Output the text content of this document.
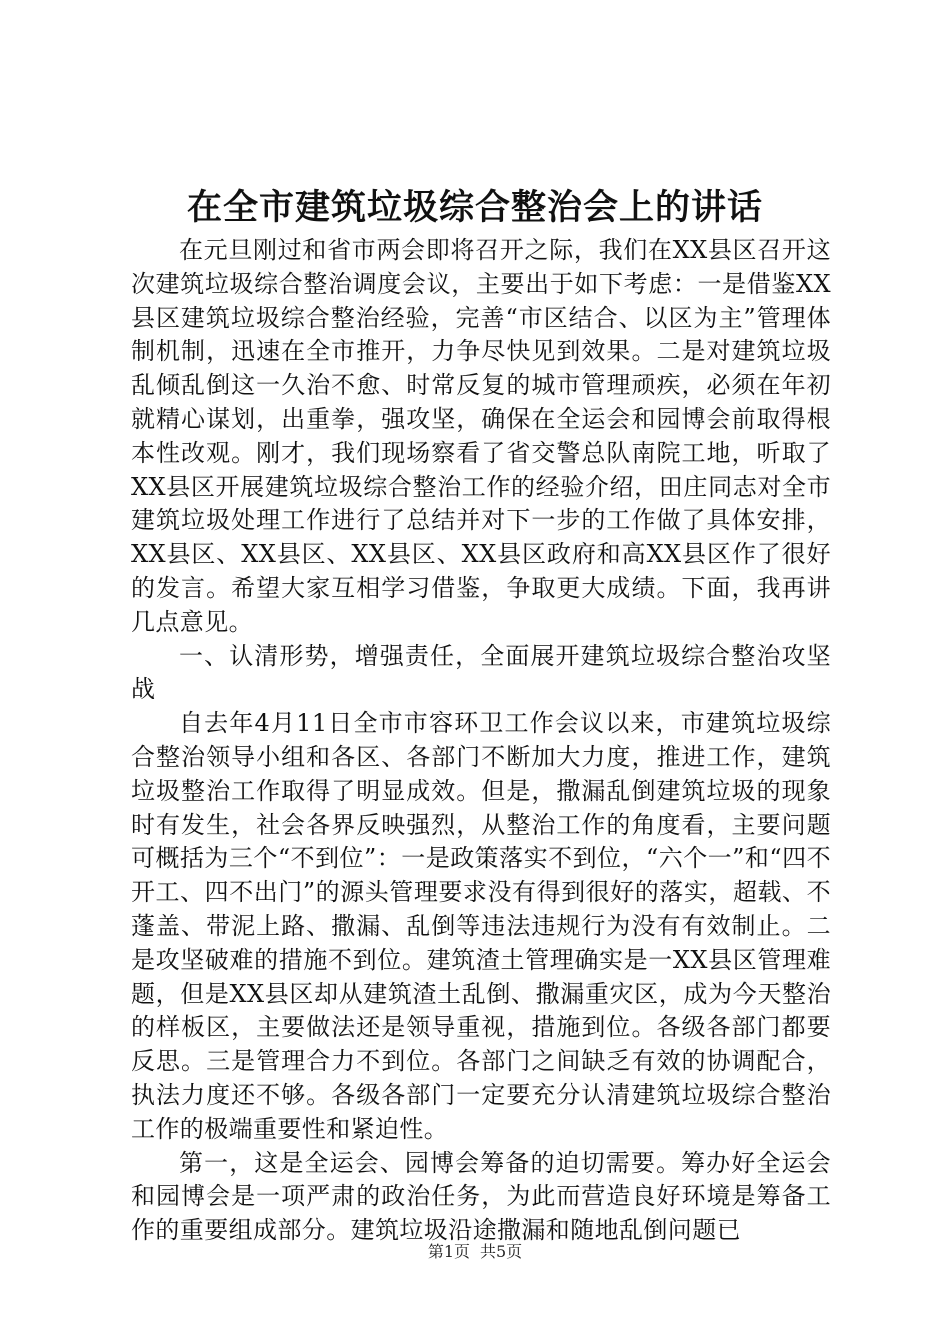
在全市建筑垃圾综合整治会上的讲话

在元旦刚过和省市两会即将召开之际，我们在XX县区召开这次建筑垃圾综合整治调度会议，主要出于如下考虑：一是借鉴XX县区建筑垃圾综合整治经验，完善“市区结合、以区为主”管理体制机制，迅速在全市推开，力争尽快见到效果。二是对建筑垃圾乱倾乱倒这一久治不愈、时常反复的城市管理顽疾，必须在年初就精心谋划，出重拳，强攻坚，确保在全运会和园博会前取得根本性改观。刚才，我们现场察看了省交警总队南院工地，听取了XX县区开展建筑垃圾综合整治工作的经验介绍，田庄同志对全市建筑垃圾处理工作进行了总结并对下一步的工作做了具体安排，XX县区、XX县区、XX县区、XX县区政府和高XX县区作了很好的发言。希望大家互相学习借鉴，争取更大成绩。下面，我再讲几点意见。

一、认清形势，增强责任，全面展开建筑垃圾综合整治攻坚战

自去年4月11日全市市容环卫工作会议以来，市建筑垃圾综合整治领导小组和各区、各部门不断加大力度，推进工作，建筑垃圾整治工作取得了明显成效。但是，撒漏乱倒建筑垃圾的现象时有发生，社会各界反映强烈，从整治工作的角度看，主要问题可概括为三个“不到位”：一是政策落实不到位，“六个一”和“四不开工、四不出门”的源头管理要求没有得到很好的落实，超载、不蓬盖、带泥上路、撒漏、乱倒等违法违规行为没有有效制止。二是攻坚破难的措施不到位。建筑渣土管理确实是一XX县区管理难题，但是XX县区却从建筑渣土乱倒、撒漏重灾区，成为今天整治的样板区，主要做法还是领导重视，措施到位。各级各部门都要反思。三是管理合力不到位。各部门之间缺乏有效的协调配合，执法力度还不够。各级各部门一定要充分认清建筑垃圾综合整治工作的极端重要性和紧迫性。

第一，这是全运会、园博会筹备的迫切需要。筹办好全运会和园博会是一项严肃的政治任务，为此而营造良好环境是筹备工作的重要组成部分。建筑垃圾沿途撒漏和随地乱倒问题已

第1页 共5页
